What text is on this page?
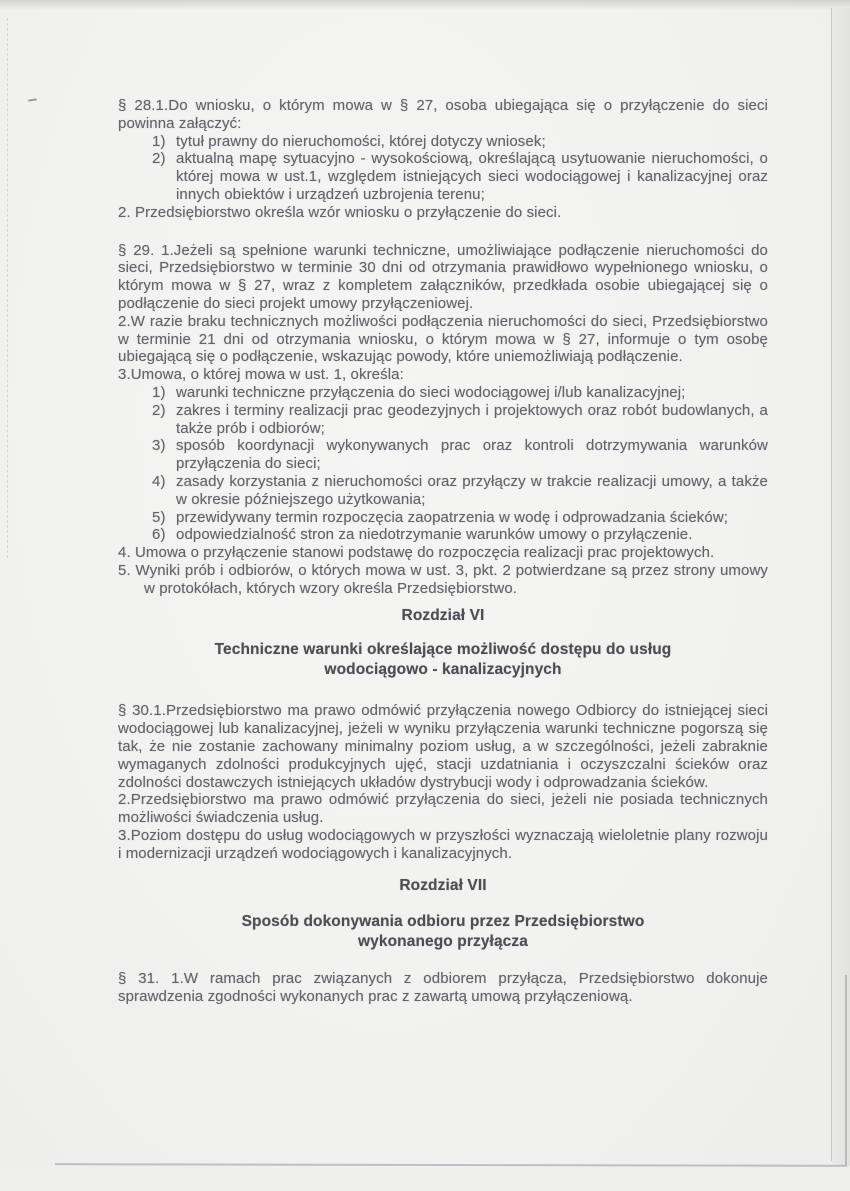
§ 28.1.Do wniosku, o którym mowa w § 27, osoba ubiegająca się o przyłączenie do sieci powinna załączyć:

1) tytuł prawny do nieruchomości, której dotyczy wniosek;
2) aktualną mapę sytuacyjno - wysokościową, określającą usytuowanie nieruchomości, o której mowa w ust.1, względem istniejących sieci wodociągowej i kanalizacyjnej oraz innych obiektów i urządzeń uzbrojenia terenu;

2. Przedsiębiorstwo określa wzór wniosku o przyłączenie do sieci.

§ 29. 1.Jeżeli są spełnione warunki techniczne, umożliwiające podłączenie nieruchomości do sieci, Przedsiębiorstwo w terminie 30 dni od otrzymania prawidłowo wypełnionego wniosku, o którym mowa w § 27, wraz z kompletem załączników, przedkłada osobie ubiegającej się o podłączenie do sieci projekt umowy przyłączeniowej.

2.W razie braku technicznych możliwości podłączenia nieruchomości do sieci, Przedsiębiorstwo w terminie 21 dni od otrzymania wniosku, o którym mowa w § 27, informuje o tym osobę ubiegającą się o podłączenie, wskazując powody, które uniemożliwiają podłączenie.

3.Umowa, o której mowa w ust. 1, określa:

1) warunki techniczne przyłączenia do sieci wodociągowej i/lub kanalizacyjnej;
2) zakres i terminy realizacji prac geodezyjnych i projektowych oraz robót budowlanych, a także prób i odbiorów;
3) sposób koordynacji wykonywanych prac oraz kontroli dotrzymywania warunków przyłączenia do sieci;
4) zasady korzystania z nieruchomości oraz przyłączy w trakcie realizacji umowy, a także w okresie późniejszego użytkowania;
5) przewidywany termin rozpoczęcia zaopatrzenia w wodę i odprowadzania ścieków;
6) odpowiedzialność stron za niedotrzymanie warunków umowy o przyłączenie.

4. Umowa o przyłączenie stanowi podstawę do rozpoczęcia realizacji prac projektowych.

5. Wyniki prób i odbiorów, o których mowa w ust. 3, pkt. 2 potwierdzane są przez strony umowy w protokółach, których wzory określa Przedsiębiorstwo.

Rozdział VI

Techniczne warunki określające możliwość dostępu do usług
wodociągowo - kanalizacyjnych

§ 30.1.Przedsiębiorstwo ma prawo odmówić przyłączenia nowego Odbiorcy do istniejącej sieci wodociągowej lub kanalizacyjnej, jeżeli w wyniku przyłączenia warunki techniczne pogorszą się tak, że nie zostanie zachowany minimalny poziom usług, a w szczególności, jeżeli zabraknie wymaganych zdolności produkcyjnych ujęć, stacji uzdatniania i oczyszczalni ścieków oraz zdolności dostawczych istniejących układów dystrybucji wody i odprowadzania ścieków.

2.Przedsiębiorstwo ma prawo odmówić przyłączenia do sieci, jeżeli nie posiada technicznych możliwości świadczenia usług.

3.Poziom dostępu do usług wodociągowych w przyszłości wyznaczają wieloletnie plany rozwoju i modernizacji urządzeń wodociągowych i kanalizacyjnych.

Rozdział VII

Sposób dokonywania odbioru przez Przedsiębiorstwo
wykonanego przyłącza

§ 31. 1.W ramach prac związanych z odbiorem przyłącza, Przedsiębiorstwo dokonuje sprawdzenia zgodności wykonanych prac z zawartą umową przyłączeniową.
